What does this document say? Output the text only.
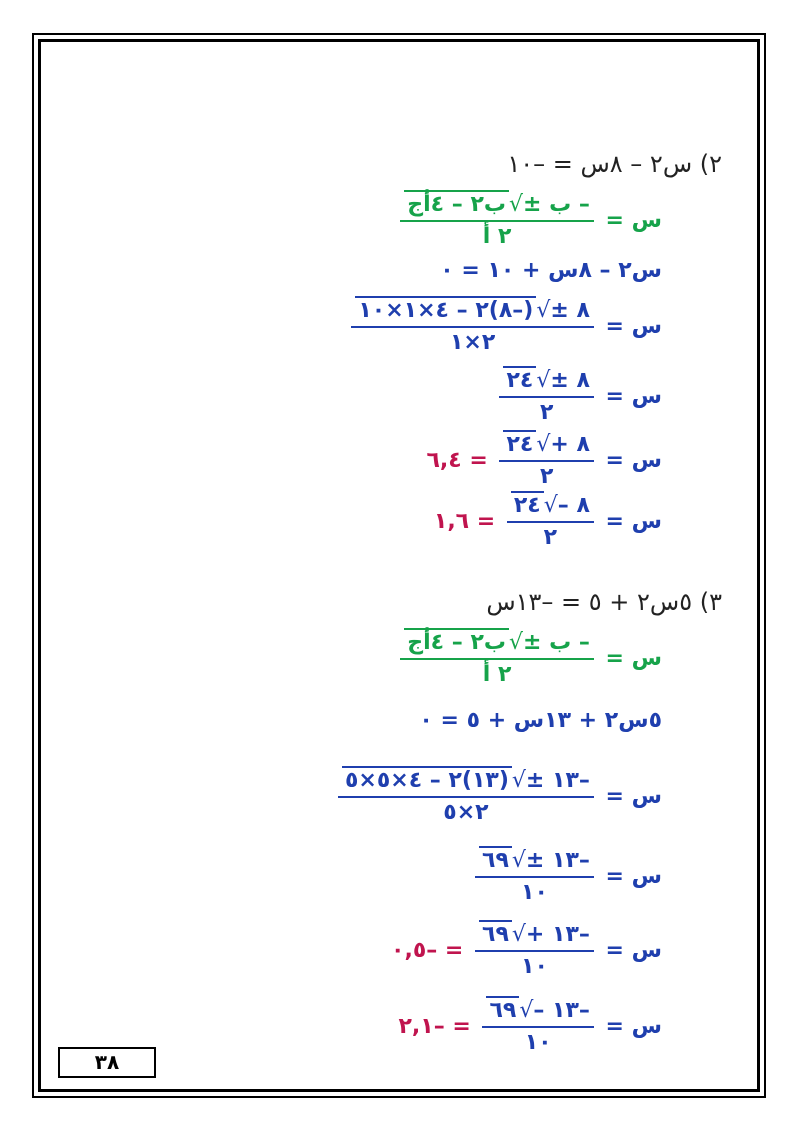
٢) س٢ – ٨س = –١٠
س =
$\frac{\text{– ب ±√ب٢ – ٤أج}}{\text{٢ أ}}$
س٢ – ٨س + ١٠ = ٠
س =
$\frac{٨ \pm√(-٨)٢ - ٤\times ١\times ١٠}{٢\times ١}$
س =
$\frac{٨ \pm√٢٤}{٢}$
س =
$\frac{٨ +√٢٤}{٢}$
= ٦,٤
س =
$\frac{٨ -√٢٤}{٢}$
= ١,٦
٣) ٥س٢ + ٥ = –١٣س
س =
$\frac{\text{– ب ±√ب٢ – ٤أج}}{\text{٢ أ}}$
٥س٢ + ١٣س + ٥ = ٠
س =
$\frac{-١٣ \pm√(١٣)٢ - ٤\times ٥\times ٥}{٢\times ٥}$
س =
$\frac{-١٣ \pm√٦٩}{١٠}$
س =
$\frac{-١٣ +√٦٩}{١٠}$
= –٠,٥
س =
$\frac{-١٣ -√٦٩}{١٠}$
= –٢,١
٣٨
